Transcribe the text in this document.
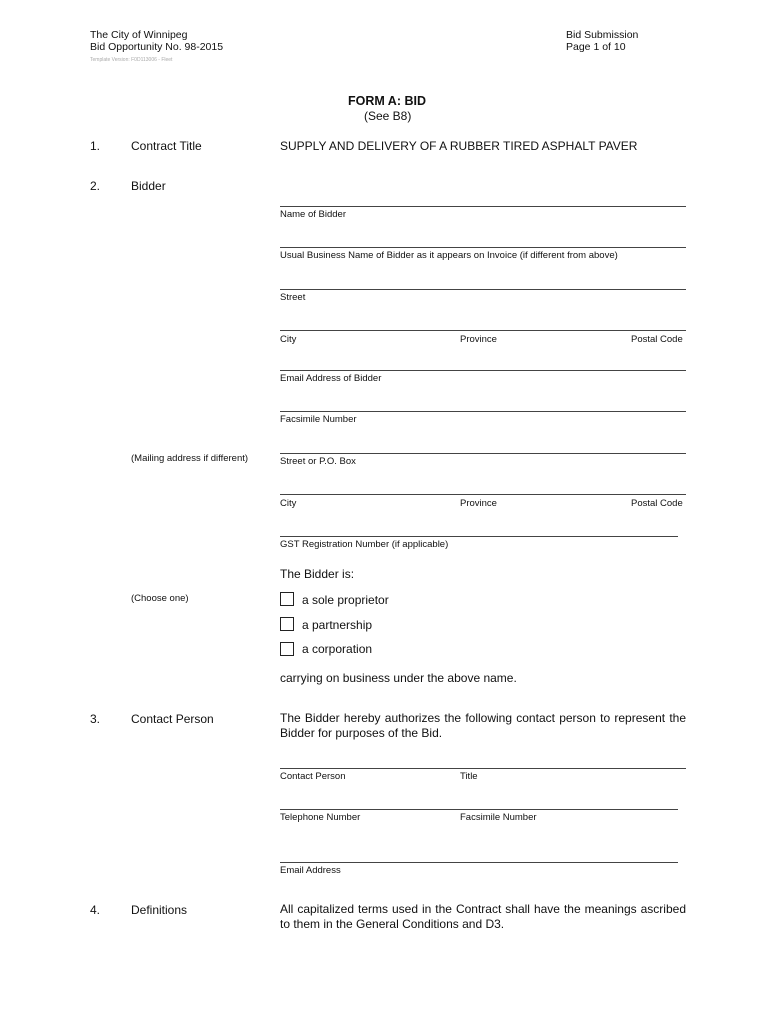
The City of Winnipeg
Bid Opportunity No. 98-2015
Template Version: F0D113006 - Fleet
Bid Submission
Page 1 of 10
FORM A: BID
(See B8)
1.	Contract Title	SUPPLY AND DELIVERY OF A RUBBER TIRED ASPHALT PAVER
2.	Bidder
Name of Bidder
Usual Business Name of Bidder as it appears on Invoice (if different from above)
Street
City	Province	Postal Code
Email Address of Bidder
Facsimile Number
(Mailing address if different)	Street or P.O. Box
City	Province	Postal Code
GST Registration Number (if applicable)
The Bidder is:
(Choose one)	a sole proprietor
a partnership
a corporation
carrying on business under the above name.
3.	Contact Person	The Bidder hereby authorizes the following contact person to represent the Bidder for purposes of the Bid.
Contact Person	Title
Telephone Number	Facsimile Number
Email Address
4.	Definitions	All capitalized terms used in the Contract shall have the meanings ascribed to them in the General Conditions and D3.
